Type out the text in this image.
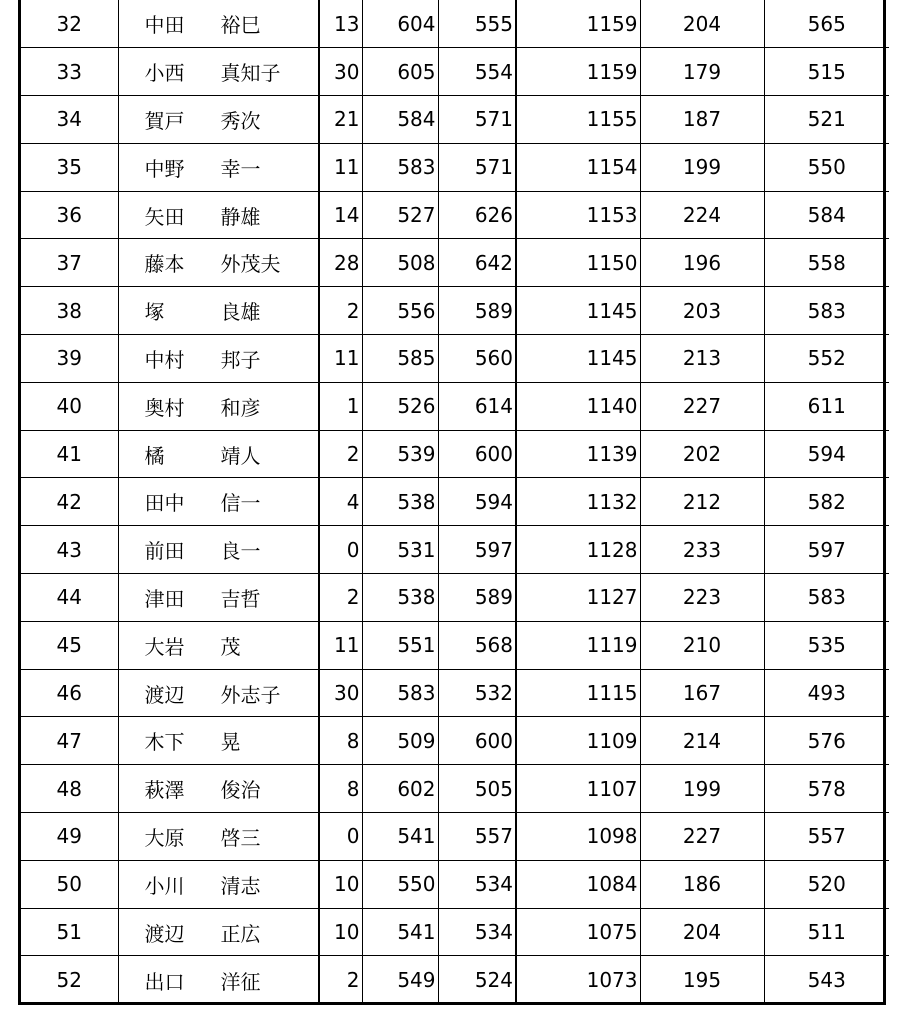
32	中田 裕巳	13	604	555	1159	204	565
33	小西 真知子	30	605	554	1159	179	515
34	賀戸 秀次	21	584	571	1155	187	521
35	中野 幸一	11	583	571	1154	199	550
36	矢田 静雄	14	527	626	1153	224	584
37	藤本 外茂夫	28	508	642	1150	196	558
38	塚 良雄	2	556	589	1145	203	583
39	中村 邦子	11	585	560	1145	213	552
40	奥村 和彦	1	526	614	1140	227	611
41	橘 靖人	2	539	600	1139	202	594
42	田中 信一	4	538	594	1132	212	582
43	前田 良一	0	531	597	1128	233	597
44	津田 吉哲	2	538	589	1127	223	583
45	大岩 茂	11	551	568	1119	210	535
46	渡辺 外志子	30	583	532	1115	167	493
47	木下 晃	8	509	600	1109	214	576
48	萩澤 俊治	8	602	505	1107	199	578
49	大原 啓三	0	541	557	1098	227	557
50	小川 清志	10	550	534	1084	186	520
51	渡辺 正広	10	541	534	1075	204	511
52	出口 洋征	2	549	524	1073	195	543
